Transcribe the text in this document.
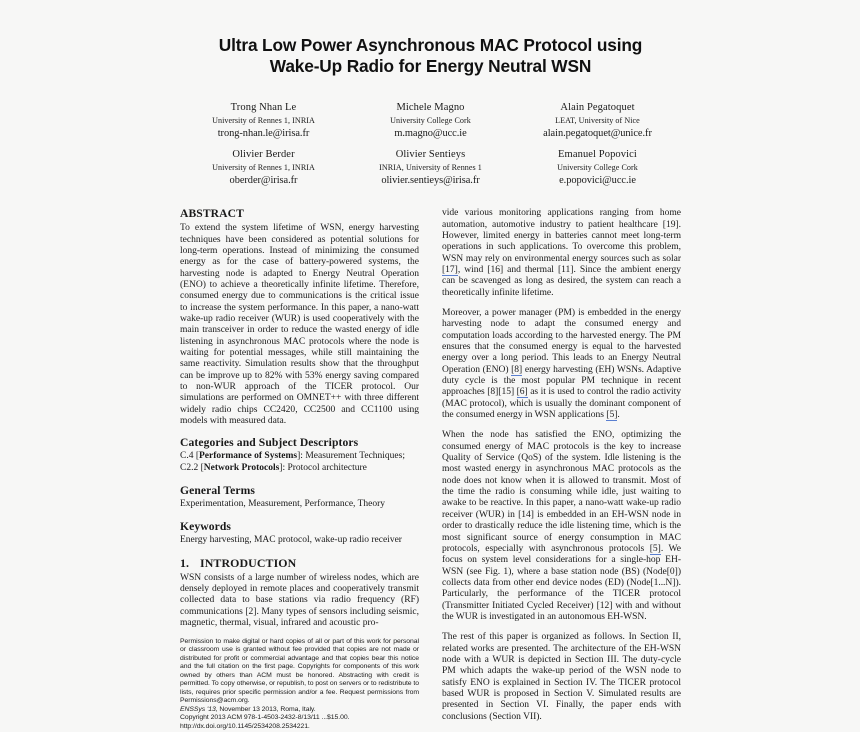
Ultra Low Power Asynchronous MAC Protocol using
Wake-Up Radio for Energy Neutral WSN
Trong Nhan Le
University of Rennes 1, INRIA
trong-nhan.le@irisa.fr
Michele Magno
University College Cork
m.magno@ucc.ie
Alain Pegatoquet
LEAT, University of Nice
alain.pegatoquet@unice.fr
Olivier Berder
University of Rennes 1, INRIA
oberder@irisa.fr
Olivier Sentieys
INRIA, University of Rennes 1
olivier.sentieys@irisa.fr
Emanuel Popovici
University College Cork
e.popovici@ucc.ie
ABSTRACT

To extend the system lifetime of WSN, energy harvesting techniques have been considered as potential solutions for long-term operations. Instead of minimizing the consumed energy as for the case of battery-powered systems, the harvesting node is adapted to Energy Neutral Operation (ENO) to achieve a theoretically infinite lifetime. Therefore, consumed energy due to communications is the critical issue to increase the system performance. In this paper, a nano-watt wake-up radio receiver (WUR) is used cooperatively with the main transceiver in order to reduce the wasted energy of idle listening in asynchronous MAC protocols where the node is waiting for potential messages, while still maintaining the same reactivity. Simulation results show that the throughput can be improve up to 82% with 53% energy saving compared to non-WUR approach of the TICER protocol. Our simulations are performed on OMNET++ with three different widely radio chips CC2420, CC2500 and CC1100 using models with measured data.

Categories and Subject Descriptors

C.4 [Performance of Systems]: Measurement Techniques;

C2.2 [Network Protocols]: Protocol architecture

General Terms

Experimentation, Measurement, Performance, Theory

Keywords

Energy harvesting, MAC protocol, wake-up radio receiver

1. INTRODUCTION

WSN consists of a large number of wireless nodes, which are densely deployed in remote places and cooperatively transmit collected data to base stations via radio frequency (RF) communications [2]. Many types of sensors including seismic, magnetic, thermal, visual, infrared and acoustic pro-

Permission to make digital or hard copies of all or part of this work for personal or classroom use is granted without fee provided that copies are not made or distributed for profit or commercial advantage and that copies bear this notice and the full citation on the first page. Copyrights for components of this work owned by others than ACM must be honored. Abstracting with credit is permitted. To copy otherwise, or republish, to post on servers or to redistribute to lists, requires prior specific permission and/or a fee. Request permissions from Permissions@acm.org.

ENSSys '13, November 13 2013, Roma, Italy.

Copyright 2013 ACM 978-1-4503-2432-8/13/11 ...$15.00.

http://dx.doi.org/10.1145/2534208.2534221.

vide various monitoring applications ranging from home automation, automotive industry to patient healthcare [19]. However, limited energy in batteries cannot meet long-term operations in such applications. To overcome this problem, WSN may rely on environmental energy sources such as solar [17], wind [16] and thermal [11]. Since the ambient energy can be scavenged as long as desired, the system can reach a theoretically infinite lifetime.

Moreover, a power manager (PM) is embedded in the energy harvesting node to adapt the consumed energy and computation loads according to the harvested energy. The PM ensures that the consumed energy is equal to the harvested energy over a long period. This leads to an Energy Neutral Operation (ENO) [8] energy harvesting (EH) WSNs. Adaptive duty cycle is the most popular PM technique in recent approaches [8][15] [6] as it is used to control the radio activity (MAC protocol), which is usually the dominant component of the consumed energy in WSN applications [5].

When the node has satisfied the ENO, optimizing the consumed energy of MAC protocols is the key to increase Quality of Service (QoS) of the system. Idle listening is the most wasted energy in asynchronous MAC protocols as the node does not know when it is allowed to transmit. Most of the time the radio is consuming while idle, just waiting to awake to be reactive. In this paper, a nano-watt wake-up radio receiver (WUR) in [14] is embedded in an EH-WSN node in order to drastically reduce the idle listening time, which is the most significant source of energy consumption in MAC protocols, especially with asynchronous protocols [5]. We focus on system level considerations for a single-hop EH-WSN (see Fig. 1), where a base station node (BS) (Node[0]) collects data from other end device nodes (ED) (Node[1...N]). Particularly, the performance of the TICER protocol (Transmitter Initiated Cycled Receiver) [12] with and without the WUR is investigated in an autonomous EH-WSN.

The rest of this paper is organized as follows. In Section II, related works are presented. The architecture of the EH-WSN node with a WUR is depicted in Section III. The duty-cycle PM which adapts the wake-up period of the WSN node to satisfy ENO is explained in Section IV. The TICER protocol based WUR is proposed in Section V. Simulated results are presented in Section VI. Finally, the paper ends with conclusions (Section VII).
